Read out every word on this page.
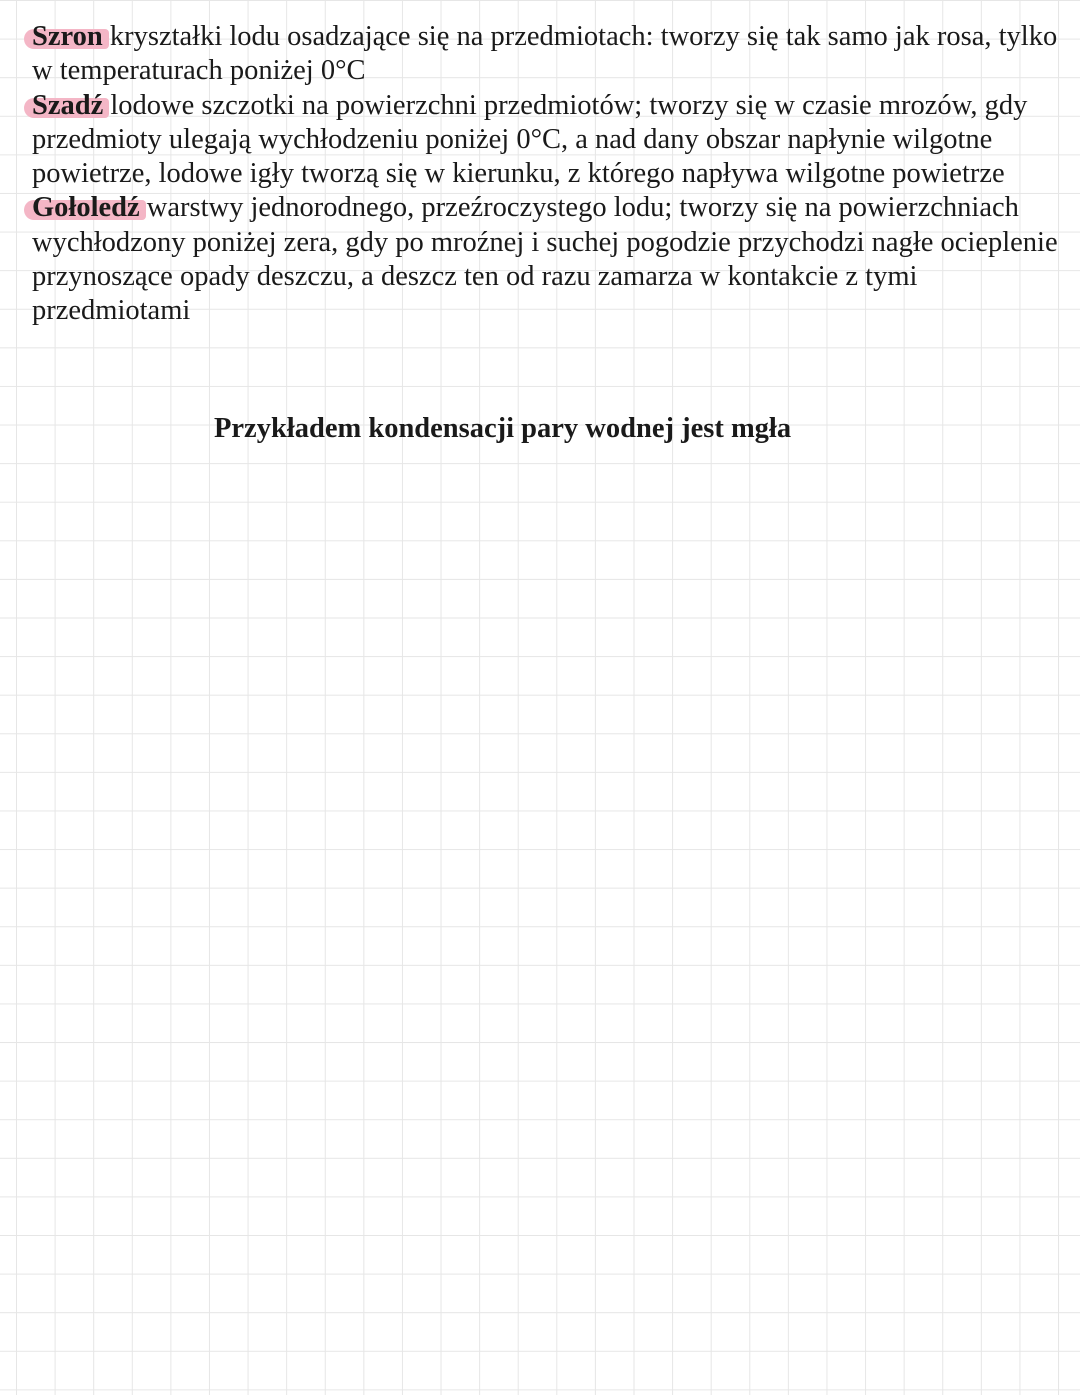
Szron kryształki lodu osadzające się na przedmiotach: tworzy się tak samo jak rosa, tylko w temperaturach poniżej 0°C

Szadź lodowe szczotki na powierzchni przedmiotów; tworzy się w czasie mrozów, gdy przedmioty ulegają wychłodzeniu poniżej 0°C, a nad dany obszar napłynie wilgotne powietrze, lodowe igły tworzą się w kierunku, z którego napływa wilgotne powietrze

Gołoledź warstwy jednorodnego, przeźroczystego lodu; tworzy się na powierzchniach wychłodzony poniżej zera, gdy po mroźnej i suchej pogodzie przychodzi nagłe ocieplenie przynoszące opady deszczu, a deszcz ten od razu zamarza w kontakcie z tymi przedmiotami

Przykładem kondensacji pary wodnej jest mgła
